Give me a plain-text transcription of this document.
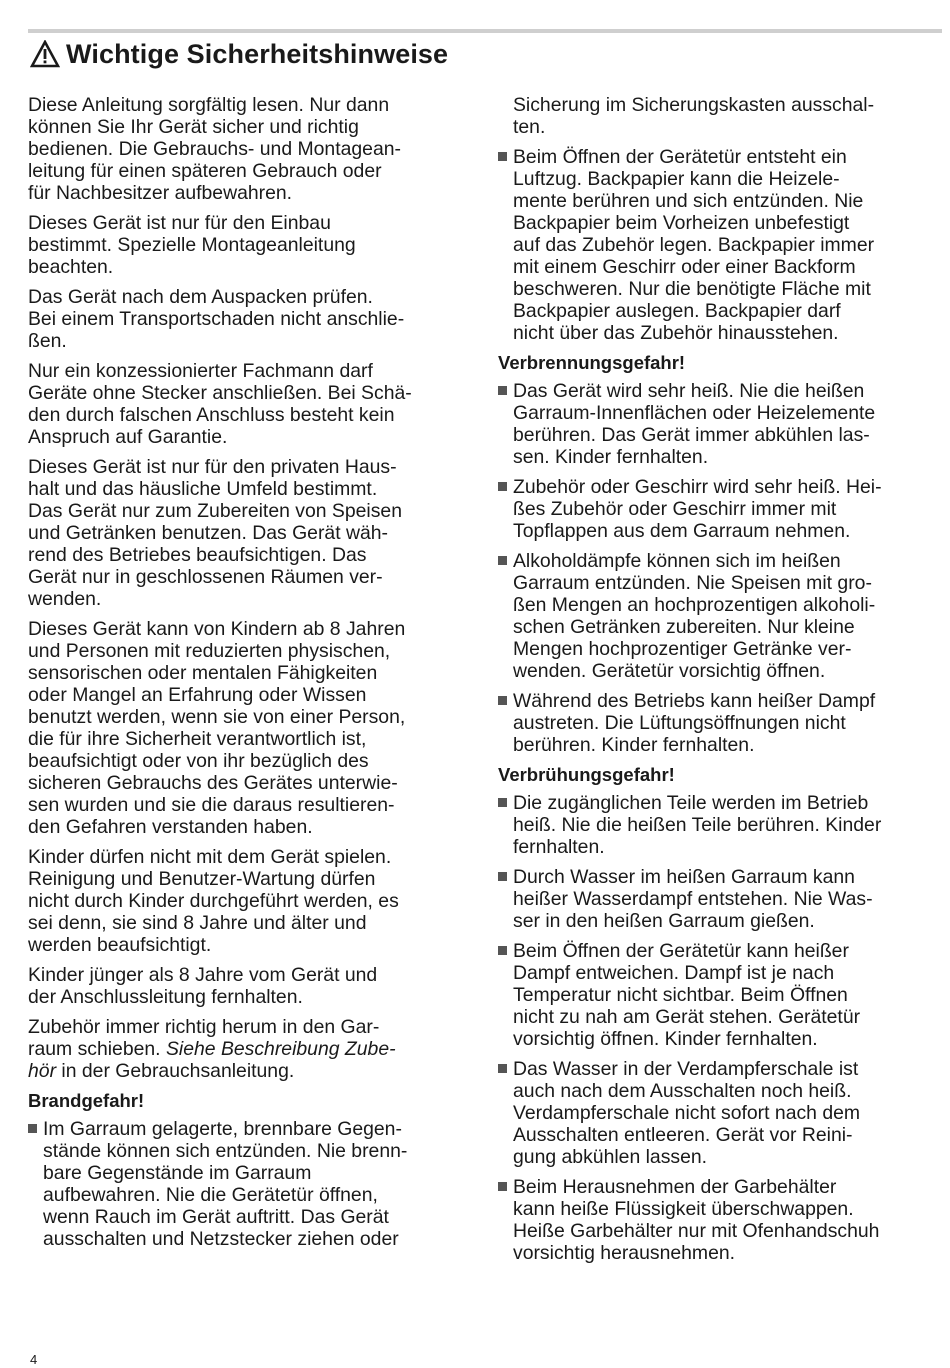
Wichtige Sicherheitshinweise
Diese Anleitung sorgfältig lesen. Nur dann
können Sie Ihr Gerät sicher und richtig
bedienen. Die Gebrauchs- und Montagean-
leitung für einen späteren Gebrauch oder
für Nachbesitzer aufbewahren.
Dieses Gerät ist nur für den Einbau
bestimmt. Spezielle Montageanleitung
beachten.
Das Gerät nach dem Auspacken prüfen.
Bei einem Transportschaden nicht anschlie-
ßen.
Nur ein konzessionierter Fachmann darf
Geräte ohne Stecker anschließen. Bei Schä-
den durch falschen Anschluss besteht kein
Anspruch auf Garantie.
Dieses Gerät ist nur für den privaten Haus-
halt und das häusliche Umfeld bestimmt.
Das Gerät nur zum Zubereiten von Speisen
und Getränken benutzen. Das Gerät wäh-
rend des Betriebes beaufsichtigen. Das
Gerät nur in geschlossenen Räumen ver-
wenden.
Dieses Gerät kann von Kindern ab 8 Jahren
und Personen mit reduzierten physischen,
sensorischen oder mentalen Fähigkeiten
oder Mangel an Erfahrung oder Wissen
benutzt werden, wenn sie von einer Person,
die für ihre Sicherheit verantwortlich ist,
beaufsichtigt oder von ihr bezüglich des
sicheren Gebrauchs des Gerätes unterwie-
sen wurden und sie die daraus resultieren-
den Gefahren verstanden haben.
Kinder dürfen nicht mit dem Gerät spielen.
Reinigung und Benutzer-Wartung dürfen
nicht durch Kinder durchgeführt werden, es
sei denn, sie sind 8 Jahre und älter und
werden beaufsichtigt.
Kinder jünger als 8 Jahre vom Gerät und
der Anschlussleitung fernhalten.
Zubehör immer richtig herum in den Gar-
raum schieben. Siehe Beschreibung Zube-
hör in der Gebrauchsanleitung.
Brandgefahr!
Im Garraum gelagerte, brennbare Gegen-
stände können sich entzünden. Nie brenn-
bare Gegenstände im Garraum
aufbewahren. Nie die Gerätetür öffnen,
wenn Rauch im Gerät auftritt. Das Gerät
ausschalten und Netzstecker ziehen oder
Sicherung im Sicherungskasten ausschal-
ten.
Beim Öffnen der Gerätetür entsteht ein
Luftzug. Backpapier kann die Heizele-
mente berühren und sich entzünden. Nie
Backpapier beim Vorheizen unbefestigt
auf das Zubehör legen. Backpapier immer
mit einem Geschirr oder einer Backform
beschweren. Nur die benötigte Fläche mit
Backpapier auslegen. Backpapier darf
nicht über das Zubehör hinausstehen.
Verbrennungsgefahr!
Das Gerät wird sehr heiß. Nie die heißen
Garraum-Innenflächen oder Heizelemente
berühren. Das Gerät immer abkühlen las-
sen. Kinder fernhalten.
Zubehör oder Geschirr wird sehr heiß. Hei-
ßes Zubehör oder Geschirr immer mit
Topflappen aus dem Garraum nehmen.
Alkoholdämpfe können sich im heißen
Garraum entzünden. Nie Speisen mit gro-
ßen Mengen an hochprozentigen alkoholi-
schen Getränken zubereiten. Nur kleine
Mengen hochprozentiger Getränke ver-
wenden. Gerätetür vorsichtig öffnen.
Während des Betriebs kann heißer Dampf
austreten. Die Lüftungsöffnungen nicht
berühren. Kinder fernhalten.
Verbrühungsgefahr!
Die zugänglichen Teile werden im Betrieb
heiß. Nie die heißen Teile berühren. Kinder
fernhalten.
Durch Wasser im heißen Garraum kann
heißer Wasserdampf entstehen. Nie Was-
ser in den heißen Garraum gießen.
Beim Öffnen der Gerätetür kann heißer
Dampf entweichen. Dampf ist je nach
Temperatur nicht sichtbar. Beim Öffnen
nicht zu nah am Gerät stehen. Gerätetür
vorsichtig öffnen. Kinder fernhalten.
Das Wasser in der Verdampferschale ist
auch nach dem Ausschalten noch heiß.
Verdampferschale nicht sofort nach dem
Ausschalten entleeren. Gerät vor Reini-
gung abkühlen lassen.
Beim Herausnehmen der Garbehälter
kann heiße Flüssigkeit überschwappen.
Heiße Garbehälter nur mit Ofenhandschuh
vorsichtig herausnehmen.
4
